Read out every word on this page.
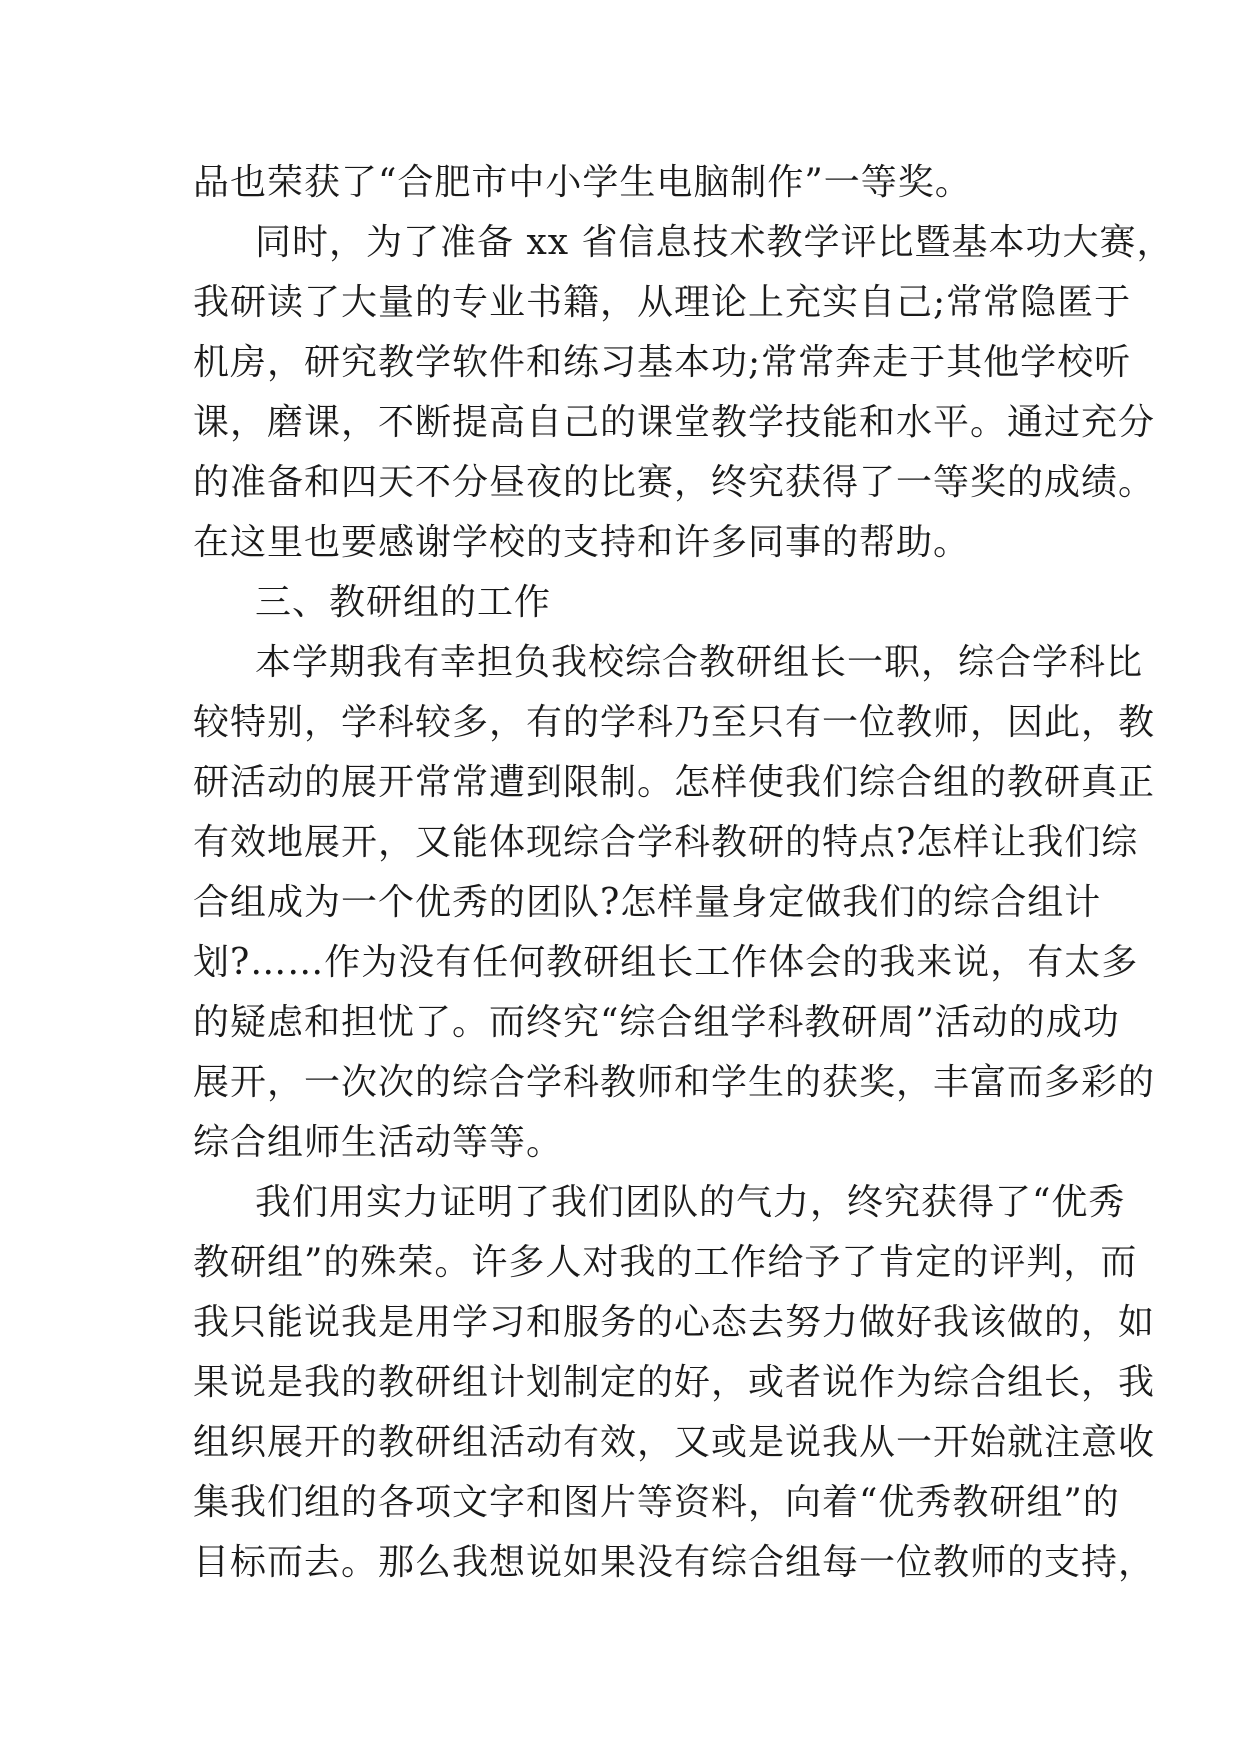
品也荣获了“合肥市中小学生电脑制作”一等奖。
同时，为了准备 xx 省信息技术教学评比暨基本功大赛，
我研读了大量的专业书籍，从理论上充实自己;常常隐匿于
机房，研究教学软件和练习基本功;常常奔走于其他学校听
课，磨课，不断提高自己的课堂教学技能和水平。通过充分
的准备和四天不分昼夜的比赛，终究获得了一等奖的成绩。
在这里也要感谢学校的支持和许多同事的帮助。
三、教研组的工作
本学期我有幸担负我校综合教研组长一职，综合学科比
较特别，学科较多，有的学科乃至只有一位教师，因此，教
研活动的展开常常遭到限制。怎样使我们综合组的教研真正
有效地展开，又能体现综合学科教研的特点?怎样让我们综
合组成为一个优秀的团队?怎样量身定做我们的综合组计
划?……作为没有任何教研组长工作体会的我来说，有太多
的疑虑和担忧了。而终究“综合组学科教研周”活动的成功
展开，一次次的综合学科教师和学生的获奖，丰富而多彩的
综合组师生活动等等。
我们用实力证明了我们团队的气力，终究获得了“优秀
教研组”的殊荣。许多人对我的工作给予了肯定的评判，而
我只能说我是用学习和服务的心态去努力做好我该做的，如
果说是我的教研组计划制定的好，或者说作为综合组长，我
组织展开的教研组活动有效，又或是说我从一开始就注意收
集我们组的各项文字和图片等资料，向着“优秀教研组”的
目标而去。那么我想说如果没有综合组每一位教师的支持，
